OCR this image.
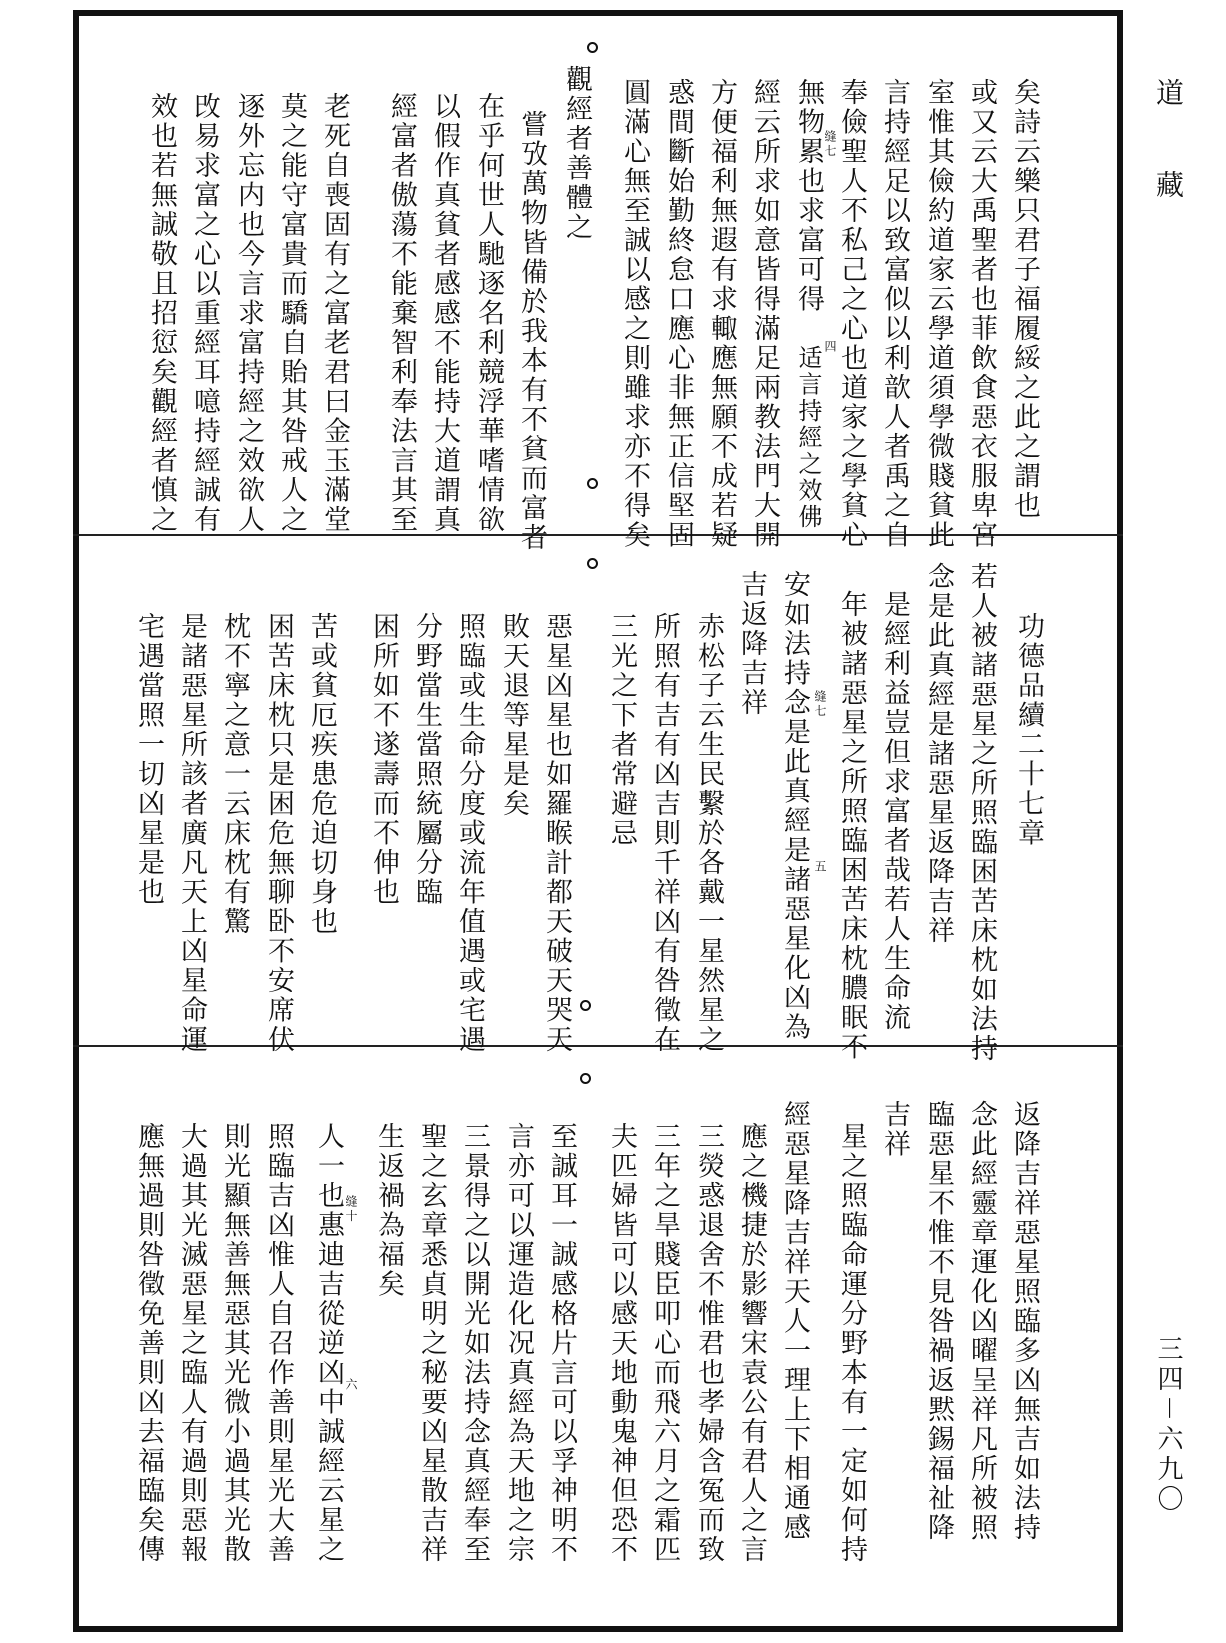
道　藏
三四－六九〇
矣詩云樂只君子福履綏之此之謂也
或又云大禹聖者也菲飲食惡衣服卑宮
室惟其儉約道家云學道須學微賤貧此
言持經足以致富似以利歆人者禹之自
奉儉聖人不私己之心也道家之學貧心
無物累也求富可得 缝七
四
适言持經之效佛
經云所求如意皆得滿足兩教法門大開
方便福利無遐有求輙應無願不成若疑
惑間斷始勤終怠口應心非無正信堅固
圓滿心無至誠以感之則雖求亦不得矣
觀經者善體之
嘗攷萬物皆備於我本有不貧而富者
在乎何世人馳逐名利競浮華嗜情欲
以假作真貧者感感不能持大道謂真
經富者傲蕩不能棄智利奉法言其至
老死自喪固有之富老君曰金玉滿堂
莫之能守富貴而驕自貽其咎戒人之
逐外忘内也今言求富持經之效欲人
攺易求富之心以重經耳噫持經誠有
效也若無誠敬且招愆矣觀經者慎之
功德品續二十七章
若人被諸惡星之所照臨困苦床枕如法持
念是此真經是諸惡星返降吉祥
是經利益豈但求富者哉若人生命流
年被諸惡星之所照臨困苦床枕膿眠不
安如法持念是此真經是諸惡星化凶為 缝七
五
吉返降吉祥
赤松子云生民繫於各戴一星然星之
所照有吉有凶吉則千祥凶有咎徵在
三光之下者常避忌
惡星凶星也如羅睺計都天破天哭天
敗天退等星是矣
照臨或生命分度或流年值遇或宅遇
分野當生當照統屬分臨
困所如不遂壽而不伸也
苦或貧厄疾患危迫切身也
困苦床枕只是困危無聊卧不安席伏
枕不寧之意一云床枕有驚
是諸惡星所該者廣凡天上凶星命運
宅遇當照一切凶星是也
返降吉祥惡星照臨多凶無吉如法持
念此經靈章運化凶曜呈祥凡所被照
臨惡星不惟不見咎禍返黙錫福祉降
吉祥
星之照臨命運分野本有一定如何持
經惡星降吉祥天人一理上下相通感
應之機捷於影響宋袁公有君人之言
三熒惑退舍不惟君也孝婦含冤而致
三年之旱賤臣叩心而飛六月之霜匹
夫匹婦皆可以感天地動鬼神但恐不
至誠耳一誠感格片言可以孚神明不
言亦可以運造化况真經為天地之宗
三景得之以開光如法持念真經奉至
聖之玄章悉貞明之秘要凶星散吉祥
生返禍為福矣
缝十
六
人一也惠迪吉從逆凶中誠經云星之
照臨吉凶惟人自召作善則星光大善
則光顯無善無惡其光微小過其光散
大過其光滅惡星之臨人有過則惡報
應無過則咎徵免善則凶去福臨矣傳
